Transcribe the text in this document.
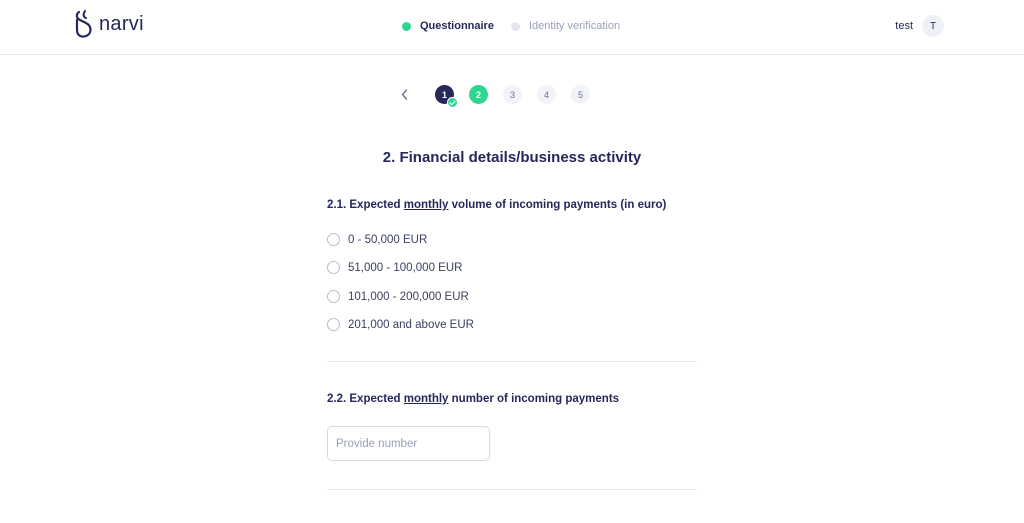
narvi	Questionnaire	Identity verification	test	T
1	2	3	4	5
2. Financial details/business activity
2.1. Expected monthly volume of incoming payments (in euro)
0 - 50,000 EUR
51,000 - 100,000 EUR
101,000 - 200,000 EUR
201,000 and above EUR
2.2. Expected monthly number of incoming payments
Provide number
